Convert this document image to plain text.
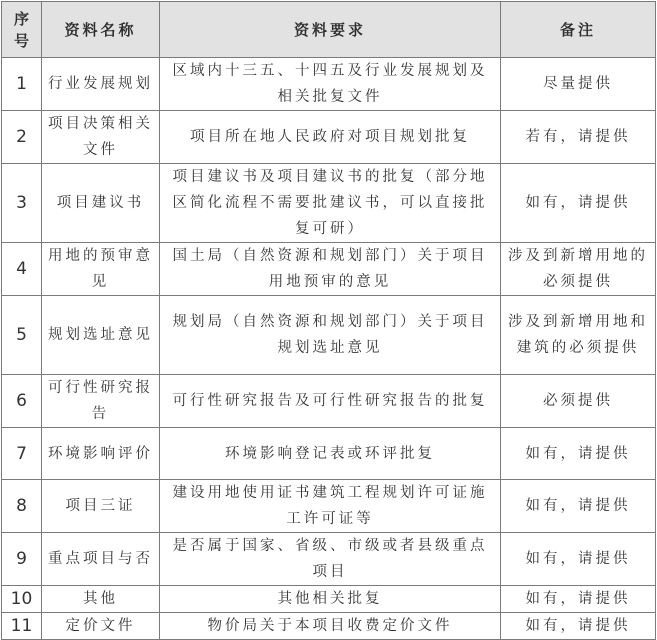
序号	资料名称	资料要求	备注
1	行业发展规划	区域内十三五、十四五及行业发展规划及相关批复文件	尽量提供
2	项目决策相关文件	项目所在地人民政府对项目规划批复	若有，请提供
3	项目建议书	项目建议书及项目建议书的批复（部分地区简化流程不需要批建议书，可以直接批复可研）	如有，请提供
4	用地的预审意见	国土局（自然资源和规划部门）关于项目用地预审的意见	涉及到新增用地的必须提供
5	规划选址意见	规划局（自然资源和规划部门）关于项目规划选址意见	涉及到新增用地和建筑的必须提供
6	可行性研究报告	可行性研究报告及可行性研究报告的批复	必须提供
7	环境影响评价	环境影响登记表或环评批复	如有，请提供
8	项目三证	建设用地使用证书建筑工程规划许可证施工许可证等	如有，请提供
9	重点项目与否	是否属于国家、省级、市级或者县级重点项目	如有，请提供
10	其他	其他相关批复	如有，请提供
11	定价文件	物价局关于本项目收费定价文件	如有，请提供
